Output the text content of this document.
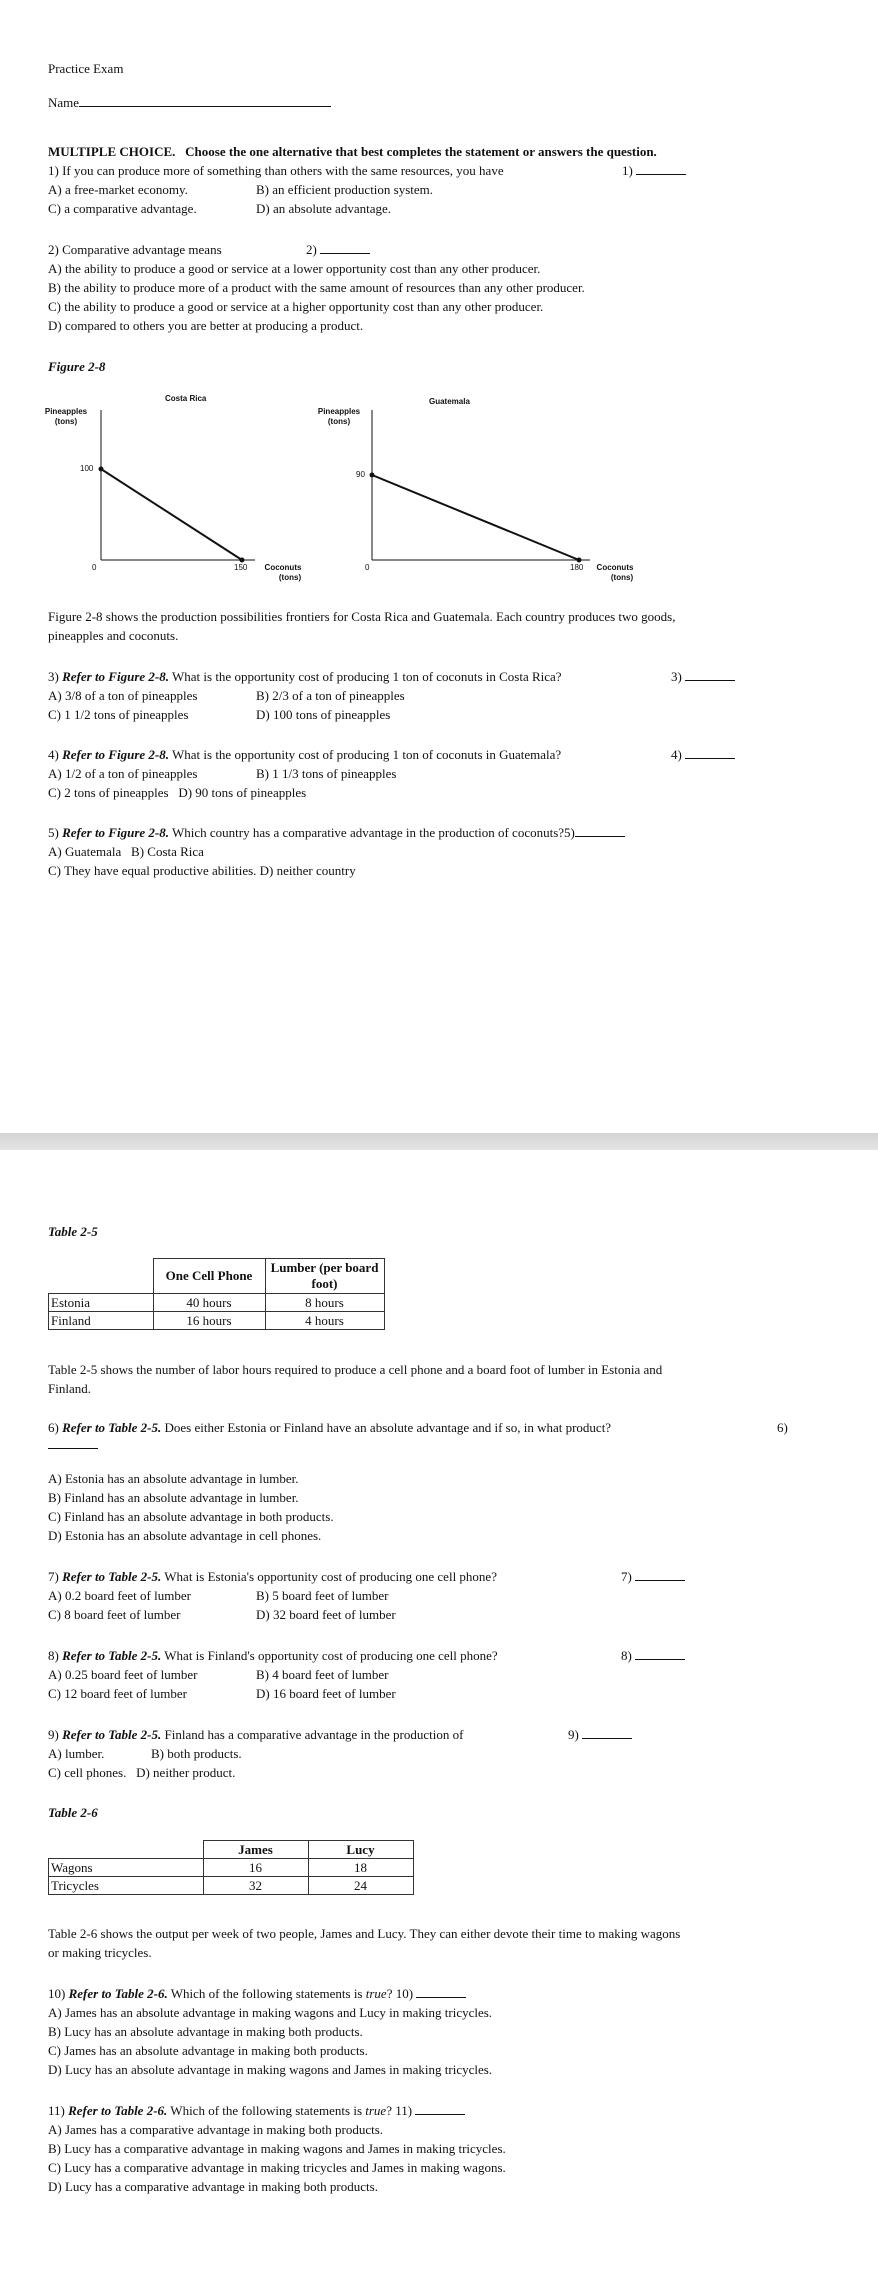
Practice Exam
Name
MULTIPLE CHOICE. Choose the one alternative that best completes the statement or answers the question.
1) If you can produce more of something than others with the same resources, you have	1)
A) a free-market economy.	B) an efficient production system.
C) a comparative advantage.	D) an absolute advantage.
2) Comparative advantage means	2)
A) the ability to produce a good or service at a lower opportunity cost than any other producer.
B) the ability to produce more of a product with the same amount of resources than any other producer.
C) the ability to produce a good or service at a higher opportunity cost than any other producer.
D) compared to others you are better at producing a product.
Figure 2-8
Costa Rica
Pineapples
(tons)
100
0	150	Coconuts
(tons)
Guatemala
Pineapples
(tons)
90
0	180	Coconuts
(tons)
Figure 2-8 shows the production possibilities frontiers for Costa Rica and Guatemala. Each country produces two goods,
pineapples and coconuts.
3) Refer to Figure 2-8. What is the opportunity cost of producing 1 ton of coconuts in Costa Rica?	3)
A) 3/8 of a ton of pineapples	B) 2/3 of a ton of pineapples
C) 1 1/2 tons of pineapples	D) 100 tons of pineapples
4) Refer to Figure 2-8. What is the opportunity cost of producing 1 ton of coconuts in Guatemala?	4)
A) 1/2 of a ton of pineapples	B) 1 1/3 tons of pineapples
C) 2 tons of pineapples   D) 90 tons of pineapples
5) Refer to Figure 2-8. Which country has a comparative advantage in the production of coconuts?5)
A) Guatemala   B) Costa Rica
C) They have equal productive abilities. D) neither country
Table 2-5
	One Cell Phone	Lumber (per board
foot)

Estonia	40 hours	8 hours
Finland	16 hours	4 hours
Table 2-5 shows the number of labor hours required to produce a cell phone and a board foot of lumber in Estonia and
Finland.
6) Refer to Table 2-5. Does either Estonia or Finland have an absolute advantage and if so, in what product?	6)
A) Estonia has an absolute advantage in lumber.
B) Finland has an absolute advantage in lumber.
C) Finland has an absolute advantage in both products.
D) Estonia has an absolute advantage in cell phones.
7) Refer to Table 2-5. What is Estonia's opportunity cost of producing one cell phone?	7)
A) 0.2 board feet of lumber	B) 5 board feet of lumber
C) 8 board feet of lumber	D) 32 board feet of lumber
8) Refer to Table 2-5. What is Finland's opportunity cost of producing one cell phone?	8)
A) 0.25 board feet of lumber	B) 4 board feet of lumber
C) 12 board feet of lumber	D) 16 board feet of lumber
9) Refer to Table 2-5. Finland has a comparative advantage in the production of	9)
A) lumber.	B) both products.
C) cell phones.   D) neither product.
Table 2-6
	James	Lucy
Wagons	16	18
Tricycles	32	24
Table 2-6 shows the output per week of two people, James and Lucy. They can either devote their time to making wagons
or making tricycles.
10) Refer to Table 2-6. Which of the following statements is true? 10)
A) James has an absolute advantage in making wagons and Lucy in making tricycles.
B) Lucy has an absolute advantage in making both products.
C) James has an absolute advantage in making both products.
D) Lucy has an absolute advantage in making wagons and James in making tricycles.
11) Refer to Table 2-6. Which of the following statements is true? 11)
A) James has a comparative advantage in making both products.
B) Lucy has a comparative advantage in making wagons and James in making tricycles.
C) Lucy has a comparative advantage in making tricycles and James in making wagons.
D) Lucy has a comparative advantage in making both products.
